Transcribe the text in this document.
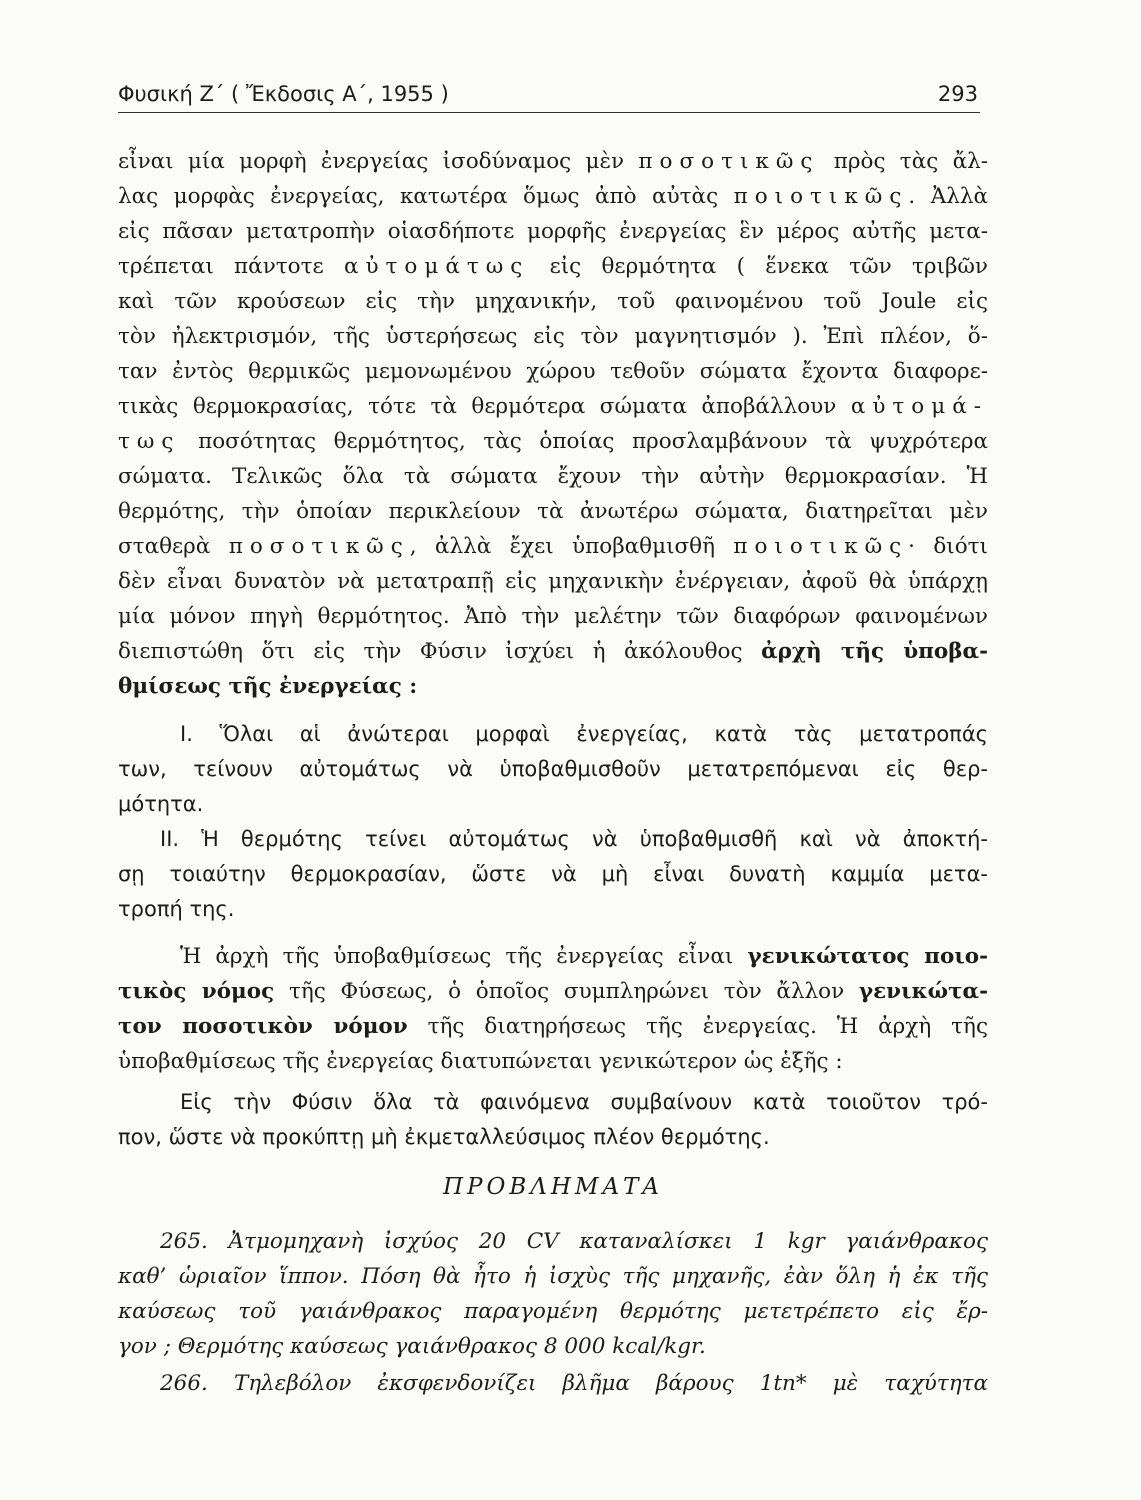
Φυσική Ζ΄ ( Ἔκδοσις Α΄, 1955 )	293
εἶναι μία μορφὴ ἐνεργείας ἰσοδύναμος μὲν ποσοτικῶς πρὸς τὰς ἄλ-
λας μορφὰς ἐνεργείας, κατωτέρα ὅμως ἀπὸ αὐτὰς ποιοτικῶς. Ἀλλὰ
εἰς πᾶσαν μετατροπὴν οἱασδήποτε μορφῆς ἐνεργείας ἓν μέρος αὐτῆς μετα-
τρέπεται πάντοτε αὐτομάτως εἰς θερμότητα ( ἕνεκα τῶν τριβῶν
καὶ τῶν κρούσεων εἰς τὴν μηχανικήν, τοῦ φαινομένου τοῦ Joule εἰς
τὸν ἠλεκτρισμόν, τῆς ὑστερήσεως εἰς τὸν μαγνητισμόν ). Ἐπὶ πλέον, ὅ-
ταν ἐντὸς θερμικῶς μεμονωμένου χώρου τεθοῦν σώματα ἔχοντα διαφορε-
τικὰς θερμοκρασίας, τότε τὰ θερμότερα σώματα ἀποβάλλουν αὐτομά-
τως ποσότητας θερμότητος, τὰς ὁποίας προσλαμβάνουν τὰ ψυχρότερα
σώματα. Τελικῶς ὅλα τὰ σώματα ἔχουν τὴν αὐτὴν θερμοκρασίαν. Ἡ
θερμότης, τὴν ὁποίαν περικλείουν τὰ ἀνωτέρω σώματα, διατηρεῖται μὲν
σταθερὰ ποσοτικῶς, ἀλλὰ ἔχει ὑποβαθμισθῆ ποιοτικῶς· διότι
δὲν εἶναι δυνατὸν νὰ μετατραπῇ εἰς μηχανικὴν ἐνέργειαν, ἀφοῦ θὰ ὑπάρχῃ
μία μόνον πηγὴ θερμότητος. Ἀπὸ τὴν μελέτην τῶν διαφόρων φαινομένων
διεπιστώθη ὅτι εἰς τὴν Φύσιν ἰσχύει ἡ ἀκόλουθος ἀρχὴ τῆς ὑποβα-
θμίσεως τῆς ἐνεργείας :
I. Ὅλαι αἱ ἀνώτεραι μορφαὶ ἐνεργείας, κατὰ τὰς μετατροπάς
των, τείνουν αὐτομάτως νὰ ὑποβαθμισθοῦν μετατρεπόμεναι εἰς θερ-
μότητα.
II. Ἡ θερμότης τείνει αὐτομάτως νὰ ὑποβαθμισθῆ καὶ νὰ ἀποκτή-
σῃ τοιαύτην θερμοκρασίαν, ὥστε νὰ μὴ εἶναι δυνατὴ καμμία μετα-
τροπή της.
Ἡ ἀρχὴ τῆς ὑποβαθμίσεως τῆς ἐνεργείας εἶναι γενικώτατος ποιο-
τικὸς νόμος τῆς Φύσεως, ὁ ὁποῖος συμπληρώνει τὸν ἄλλον γενικώτα-
τον ποσοτικὸν νόμον τῆς διατηρήσεως τῆς ἐνεργείας. Ἡ ἀρχὴ τῆς
ὑποβαθμίσεως τῆς ἐνεργείας διατυπώνεται γενικώτερον ὡς ἑξῆς :
Εἰς τὴν Φύσιν ὅλα τὰ φαινόμενα συμβαίνουν κατὰ τοιοῦτον τρό-
πον, ὥστε νὰ προκύπτῃ μὴ ἐκμεταλλεύσιμος πλέον θερμότης.
ΠΡΟΒΛΗΜΑΤΑ
265. Ἀτμομηχανὴ ἰσχύος 20 CV καταναλίσκει 1 kgr γαιάνθρακος
καθ’ ὡριαῖον ἵππον. Πόση θὰ ἦτο ἡ ἰσχὺς τῆς μηχανῆς, ἐὰν ὅλη ἡ ἐκ τῆς
καύσεως τοῦ γαιάνθρακος παραγομένη θερμότης μετετρέπετο εἰς ἔρ-
γον ; Θερμότης καύσεως γαιάνθρακος 8 000 kcal/kgr.
266. Τηλεβόλον ἐκσφενδονίζει βλῆμα βάρους 1tn* μὲ ταχύτητα
